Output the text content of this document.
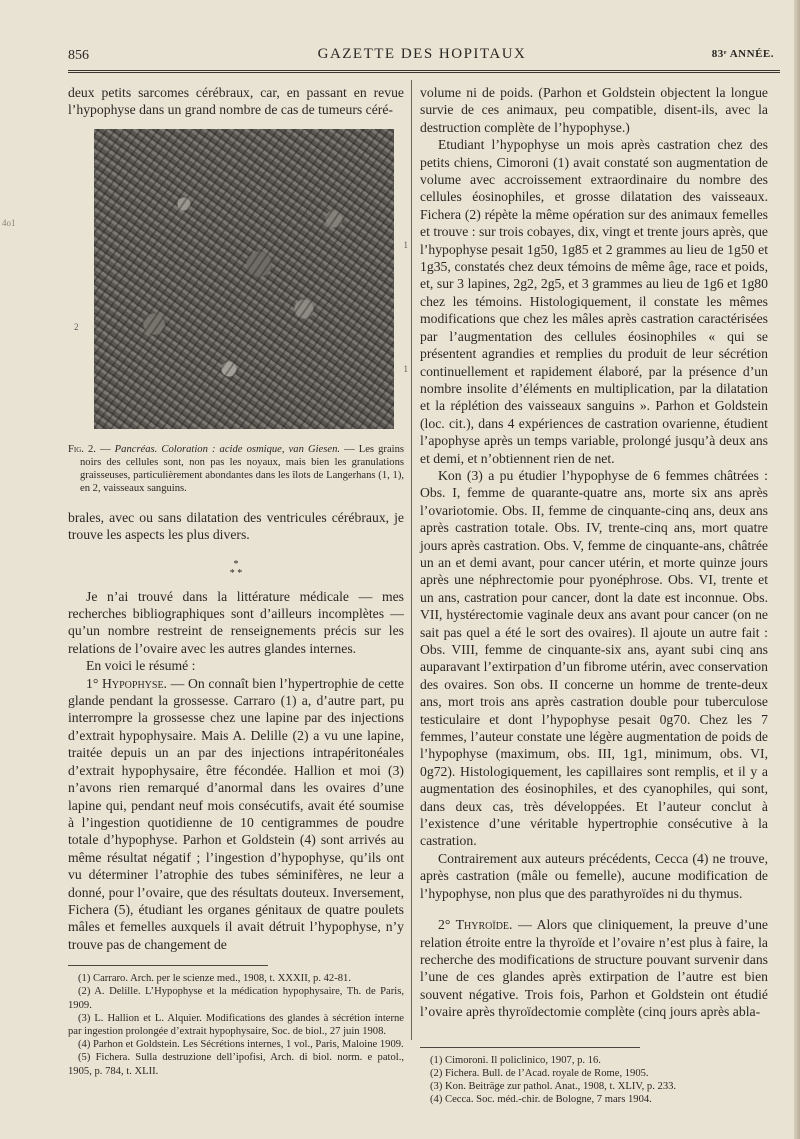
4o1
856	GAZETTE DES HOPITAUX	83ᵉ ANNÉE.

deux petits sarcomes cérébraux, car, en passant en revue l’hypophyse dans un grand nombre de cas de tumeurs céré-

1
2
1

Fig. 2. — Pancréas. Coloration : acide osmique, van Giesen. — Les grains noirs des cellules sont, non pas les noyaux, mais bien les granulations graisseuses, particulièrement abondantes dans les îlots de Langerhans (1, 1), en 2, vaisseaux sanguins.

brales, avec ou sans dilatation des ventricules cérébraux, je trouve les aspects les plus divers.

*
* *

Je n’ai trouvé dans la littérature médicale — mes recherches bibliographiques sont d’ailleurs incomplètes — qu’un nombre restreint de renseignements précis sur les relations de l’ovaire avec les autres glandes internes.

En voici le résumé :

1° Hypophyse. — On connaît bien l’hypertrophie de cette glande pendant la grossesse. Carraro (1) a, d’autre part, pu interrompre la grossesse chez une lapine par des injections d’extrait hypophysaire. Mais A. Delille (2) a vu une lapine, traitée depuis un an par des injections intrapéritonéales d’extrait hypophysaire, être fécondée. Hallion et moi (3) n’avons rien remarqué d’anormal dans les ovaires d’une lapine qui, pendant neuf mois consécutifs, avait été soumise à l’ingestion quotidienne de 10 centigrammes de poudre totale d’hypophyse. Parhon et Goldstein (4) sont arrivés au même résultat négatif ; l’ingestion d’hypophyse, qu’ils ont vu déterminer l’atrophie des tubes séminifères, ne leur a donné, pour l’ovaire, que des résultats douteux. Inversement, Fichera (5), étudiant les organes génitaux de quatre poulets mâles et femelles auxquels il avait détruit l’hypophyse, n’y trouve pas de changement de

(1) Carraro. Arch. per le scienze med., 1908, t. XXXII, p. 42-81.

(2) A. Delille. L’Hypophyse et la médication hypophysaire, Th. de Paris, 1909.

(3) L. Hallion et L. Alquier. Modifications des glandes à sécrétion interne par ingestion prolongée d’extrait hypophysaire, Soc. de biol., 27 juin 1908.

(4) Parhon et Goldstein. Les Sécrétions internes, 1 vol., Paris, Maloine 1909.

(5) Fichera. Sulla destruzione dell’ipofisi, Arch. di biol. norm. e patol., 1905, p. 784, t. XLII.

volume ni de poids. (Parhon et Goldstein objectent la longue survie de ces animaux, peu compatible, disent-ils, avec la destruction complète de l’hypophyse.)

Etudiant l’hypophyse un mois après castration chez des petits chiens, Cimoroni (1) avait constaté son augmentation de volume avec accroissement extraordinaire du nombre des cellules éosinophiles, et grosse dilatation des vaisseaux. Fichera (2) répète la même opération sur des animaux femelles et trouve : sur trois cobayes, dix, vingt et trente jours après, que l’hypophyse pesait 1g50, 1g85 et 2 grammes au lieu de 1g50 et 1g35, constatés chez deux témoins de même âge, race et poids, et, sur 3 lapines, 2g2, 2g5, et 3 grammes au lieu de 1g6 et 1g80 chez les témoins. Histologiquement, il constate les mêmes modifications que chez les mâles après castration caractérisées par l’augmentation des cellules éosinophiles « qui se présentent agrandies et remplies du produit de leur sécrétion continuellement et rapidement élaboré, par la présence d’un nombre insolite d’éléments en multiplication, par la dilatation et la réplétion des vaisseaux sanguins ». Parhon et Goldstein (loc. cit.), dans 4 expériences de castration ovarienne, étudient l’apophyse après un temps variable, prolongé jusqu’à deux ans et demi, et n’obtiennent rien de net.

Kon (3) a pu étudier l’hypophyse de 6 femmes châtrées : Obs. I, femme de quarante-quatre ans, morte six ans après l’ovariotomie. Obs. II, femme de cinquante-cinq ans, deux ans après castration totale. Obs. IV, trente-cinq ans, mort quatre jours après castration. Obs. V, femme de cinquante-ans, châtrée un an et demi avant, pour cancer utérin, et morte quinze jours après une néphrectomie pour pyonéphrose. Obs. VI, trente et un ans, castration pour cancer, dont la date est inconnue. Obs. VII, hystérectomie vaginale deux ans avant pour cancer (on ne sait pas quel a été le sort des ovaires). Il ajoute un autre fait : Obs. VIII, femme de cinquante-six ans, ayant subi cinq ans auparavant l’extirpation d’un fibrome utérin, avec conservation des ovaires. Son obs. II concerne un homme de trente-deux ans, mort trois ans après castration double pour tuberculose testiculaire et dont l’hypophyse pesait 0g70. Chez les 7 femmes, l’auteur constate une légère augmentation de poids de l’hypophyse (maximum, obs. III, 1g1, minimum, obs. VI, 0g72). Histologiquement, les capillaires sont remplis, et il y a augmentation des éosinophiles, et des cyanophiles, qui sont, dans deux cas, très développées. Et l’auteur conclut à l’existence d’une véritable hypertrophie consécutive à la castration.

Contrairement aux auteurs précédents, Cecca (4) ne trouve, après castration (mâle ou femelle), aucune modification de l’hypophyse, non plus que des parathyroïdes ni du thymus.

2° Thyroïde. — Alors que cliniquement, la preuve d’une relation étroite entre la thyroïde et l’ovaire n’est plus à faire, la recherche des modifications de structure pouvant survenir dans l’une de ces glandes après extirpation de l’autre est bien souvent négative. Trois fois, Parhon et Goldstein ont étudié l’ovaire après thyroïdectomie complète (cinq jours après abla-

(1) Cimoroni. Il policlinico, 1907, p. 16.

(2) Fichera. Bull. de l’Acad. royale de Rome, 1905.

(3) Kon. Beiträge zur pathol. Anat., 1908, t. XLIV, p. 233.

(4) Cecca. Soc. méd.-chir. de Bologne, 7 mars 1904.
